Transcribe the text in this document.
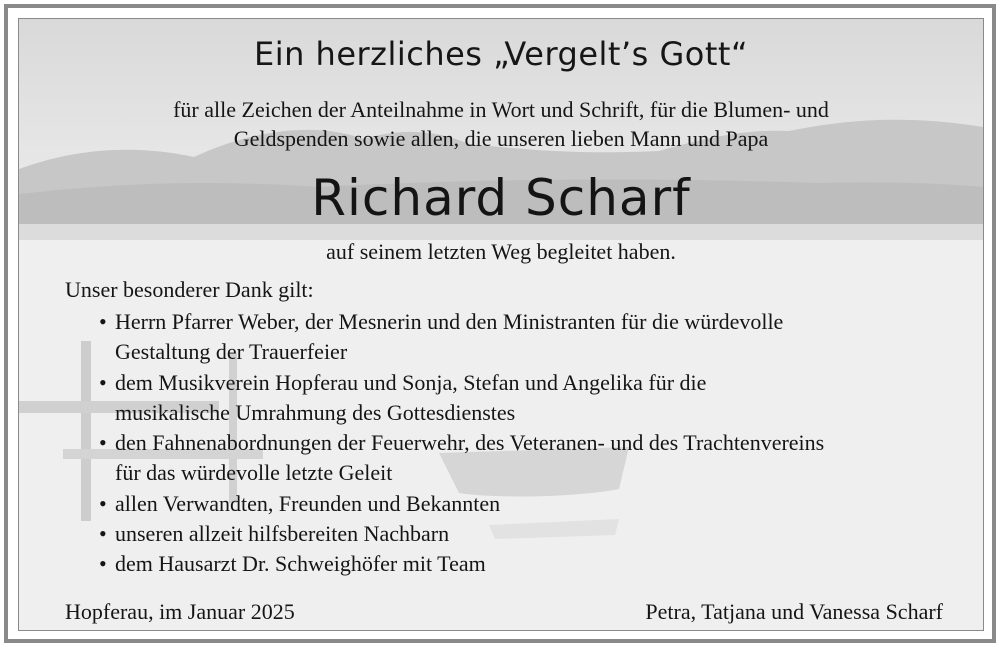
Ein herzliches „Vergelt’s Gott“
für alle Zeichen der Anteilnahme in Wort und Schrift, für die Blumen- und
Geldspenden sowie allen, die unseren lieben Mann und Papa
Richard Scharf
auf seinem letzten Weg begleitet haben.
Unser besonderer Dank gilt:
• Herrn Pfarrer Weber, der Mesnerin und den Ministranten für die würdevolle
Gestaltung der Trauerfeier
• dem Musikverein Hopferau und Sonja, Stefan und Angelika für die
musikalische Umrahmung des Gottesdienstes
• den Fahnenabordnungen der Feuerwehr, des Veteranen- und des Trachtenvereins
für das würdevolle letzte Geleit
• allen Verwandten, Freunden und Bekannten
• unseren allzeit hilfsbereiten Nachbarn
• dem Hausarzt Dr. Schweighöfer mit Team
Hopferau, im Januar 2025	Petra, Tatjana und Vanessa Scharf
